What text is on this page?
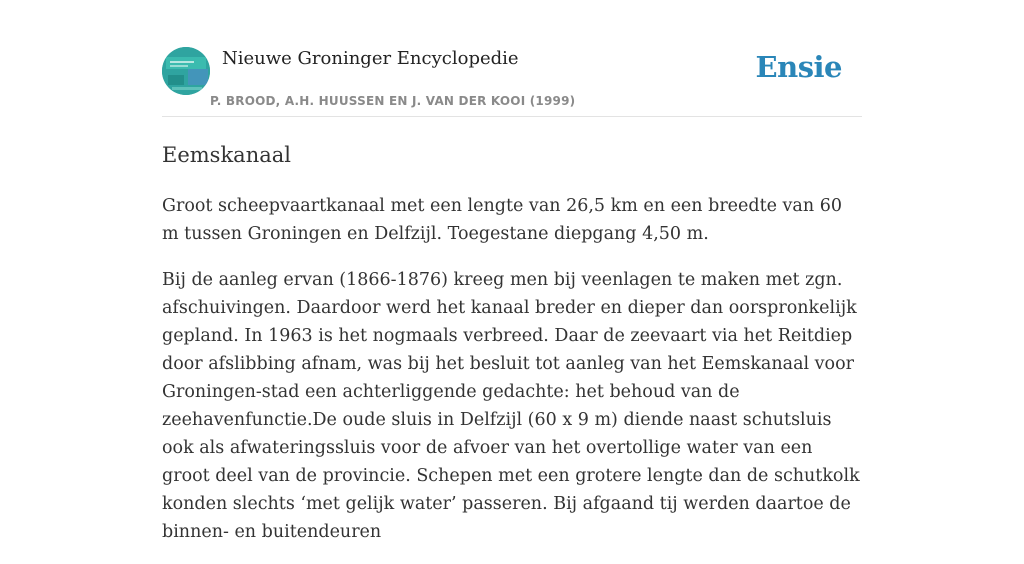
Nieuwe Groninger Encyclopedie
P. BROOD, A.H. HUUSSEN EN J. VAN DER KOOI (1999)
Ensie
Eemskanaal

Groot scheepvaartkanaal met een lengte van 26,5 km en een breedte van 60 m tussen Groningen en Delfzijl. Toegestane diepgang 4,50 m.

Bij de aanleg ervan (1866-1876) kreeg men bij veenlagen te maken met zgn. afschuivingen. Daardoor werd het kanaal breder en dieper dan oorspronkelijk gepland. In 1963 is het nogmaals verbreed. Daar de zeevaart via het Reitdiep door afslibbing afnam, was bij het besluit tot aanleg van het Eemskanaal voor Groningen-stad een achterliggende gedachte: het behoud van de zeehavenfunctie.De oude sluis in Delfzijl (60 x 9 m) diende naast schutsluis ook als afwateringssluis voor de afvoer van het overtollige water van een groot deel van de provincie. Schepen met een grotere lengte dan de schutkolk konden slechts ‘met gelijk water’ passeren. Bij afgaand tij werden daartoe de binnen- en buitendeuren
